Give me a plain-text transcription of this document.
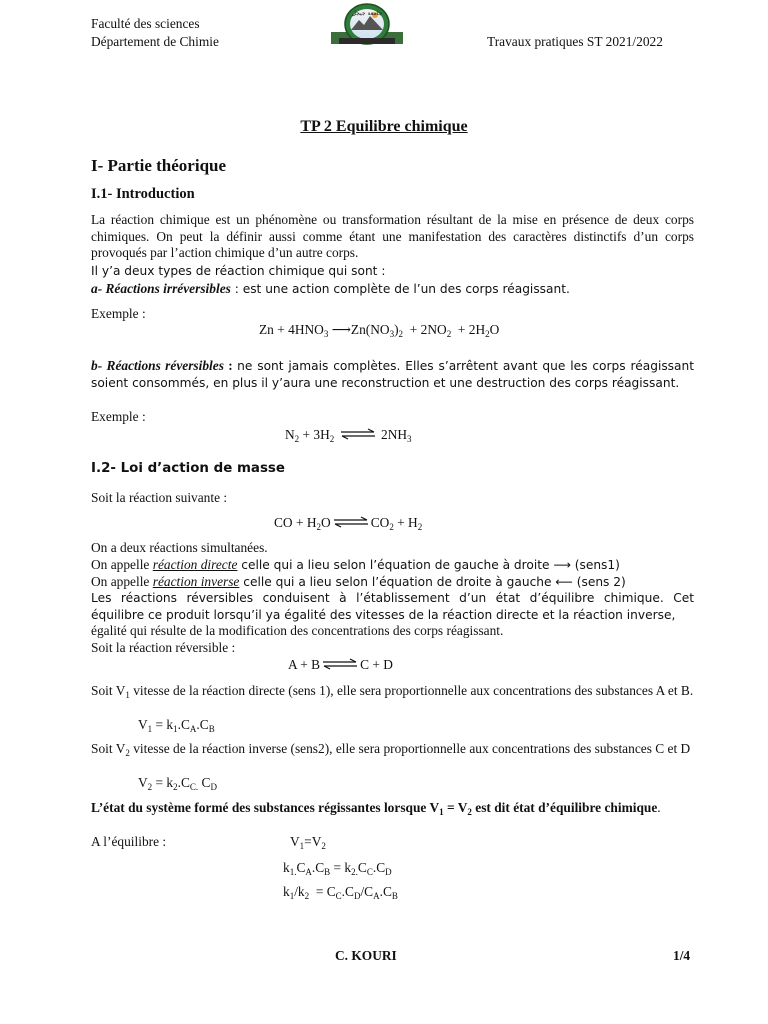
Faculté des sciences
Département de Chimie	Travaux pratiques ST 2021/2022
جامعة جيجل
TP 2 Equilibre chimique
I- Partie théorique
I.1- Introduction
La réaction chimique est un phénomène ou transformation résultant de la mise en présence de deux corps chimiques. On peut la définir aussi comme étant une manifestation des caractères distinctifs d’un corps provoqués par l’action chimique d’un autre corps.
Il y’a deux types de réaction chimique qui sont :
a- Réactions irréversibles : est une action complète de l’un des corps réagissant.
Exemple :
$Zn + 4HNO_3$ $⟶Zn(NO_3)_2 + 2NO_2 + 2H_2O$
b- Réactions réversibles : ne sont jamais complètes. Elles s’arrêtent avant que les corps réagissant soient consommés, en plus il y’aura une reconstruction et une destruction des corps réagissant.
Exemple :
$N_2 + 3H_2$ ⇌ $2NH_3$
I.2- Loi d’action de masse
Soit la réaction suivante :
CO + $H_2O$ ⇌ $CO_2 + H_2$
On a deux réactions simultanées.
On appelle réaction directe celle qui a lieu selon l’équation de gauche à droite ⟶ (sens1)
On appelle réaction inverse celle qui a lieu selon l’équation de droite à gauche ⟵ (sens 2)
Les réactions réversibles conduisent à l’établissement d’un état d’équilibre chimique. Cet équilibre ce produit lorsqu’il ya égalité des vitesses de la réaction directe et la réaction inverse,
égalité qui résulte de la modification des concentrations des corps réagissant.
Soit la réaction réversible :
A + B ⇌ C + D
Soit $V_1$ vitesse de la réaction directe (sens 1), elle sera proportionnelle aux concentrations des substances A et B.
$V_1 = k_1.C_A.C_B$
Soit $V_2$ vitesse de la réaction inverse (sens2), elle sera proportionnelle aux concentrations des substances C et D
$V_2 = k_2.C_{C.}$ $C_D$
L’état du système formé des substances régissantes lorsque $V_1 = V_2$ est dit état d’équilibre chimique.
A l’équilibre :	$V_1=V_2$
$k_{1.}C_A.C_B = k_{2.}C_C.C_D$
$k_1/k_2 = C_C.C_D/C_A.C_B$
C. KOURI	1/4
